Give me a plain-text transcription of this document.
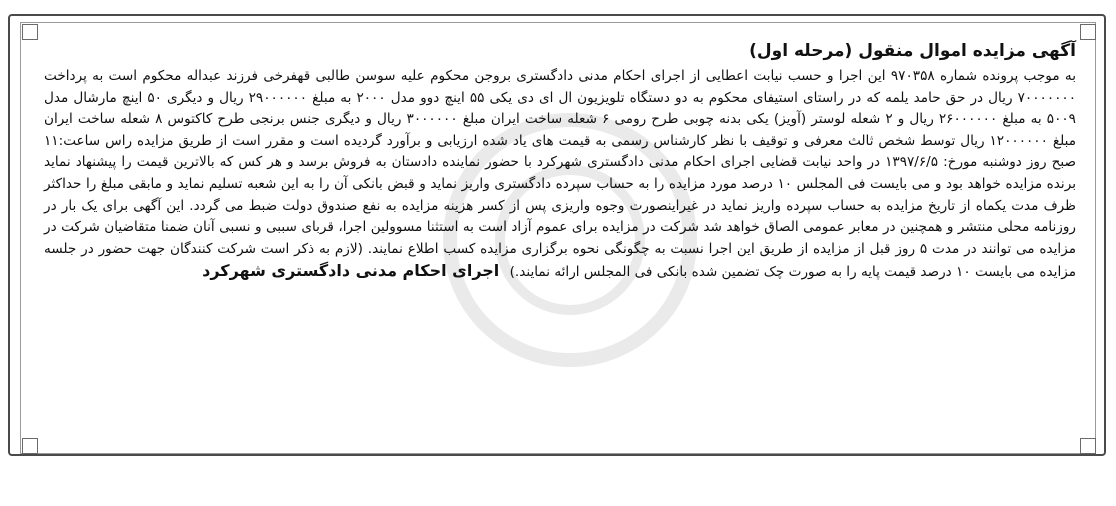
آگهی مزایده اموال منقول (مرحله اول)

به موجب پرونده شماره ۹۷۰۳۵۸ این اجرا و حسب نیابت اعطایی از اجرای احکام مدنی دادگستری بروجن محکوم علیه سوسن طالبی قهفرخی فرزند عبداله محکوم است به پرداخت ۷۰۰۰۰۰۰۰ ریال در حق حامد یلمه که در راستای استیفای محکوم به دو دستگاه تلویزیون ال ای دی یکی ۵۵ اینچ دوو مدل ۲۰۰۰ به مبلغ ۲۹۰۰۰۰۰۰ ریال و دیگری ۵۰ اینچ مارشال مدل ۵۰۰۹ به مبلغ ۲۶۰۰۰۰۰۰ ریال و ۲ شعله لوستر (آویز) یکی بدنه چوبی طرح رومی ۶ شعله ساخت ایران مبلغ ۳۰۰۰۰۰۰ ریال و دیگری جنس برنجی طرح کاکتوس ۸ شعله ساخت ایران مبلغ ۱۲۰۰۰۰۰۰ ریال توسط شخص ثالث معرفی و توقیف با نظر کارشناس رسمی به قیمت های یاد شده ارزیابی و برآورد گردیده است و مقرر است از طریق مزایده راس ساعت:۱۱ صبح روز دوشنبه مورخ: ۱۳۹۷/۶/۵ در واحد نیابت قضایی اجرای احکام مدنی دادگستری شهرکرد با حضور نماینده دادستان به فروش برسد و هر کس که بالاترین قیمت را پیشنهاد نماید برنده مزایده خواهد بود و می بایست فی المجلس ۱۰ درصد مورد مزایده را به حساب سپرده دادگستری واریز نماید و قبض بانکی آن را به این شعبه تسلیم نماید و مابقی مبلغ را حداکثر ظرف مدت یکماه از تاریخ مزایده به حساب سپرده واریز نماید در غیراینصورت وجوه واریزی پس از کسر هزینه مزایده به نفع صندوق دولت ضبط می گردد. این آگهی برای یک بار در روزنامه محلی منتشر و همچنین در معابر عمومی الصاق خواهد شد شرکت در مزایده برای عموم آزاد است به استثنا مسوولین اجرا، قربای سببی و نسبی آنان ضمنا متقاضیان شرکت در مزایده می توانند در مدت ۵ روز قبل از مزایده از طریق این اجرا نسبت به چگونگی نحوه برگزاری مزایده کسب اطلاع نمایند. (لازم به ذکر است شرکت کنندگان جهت حضور در جلسه مزایده می بایست ۱۰ درصد قیمت پایه را به صورت چک تضمین شده بانکی فی المجلس ارائه نمایند.) اجرای احکام مدنی دادگستری شهرکرد
